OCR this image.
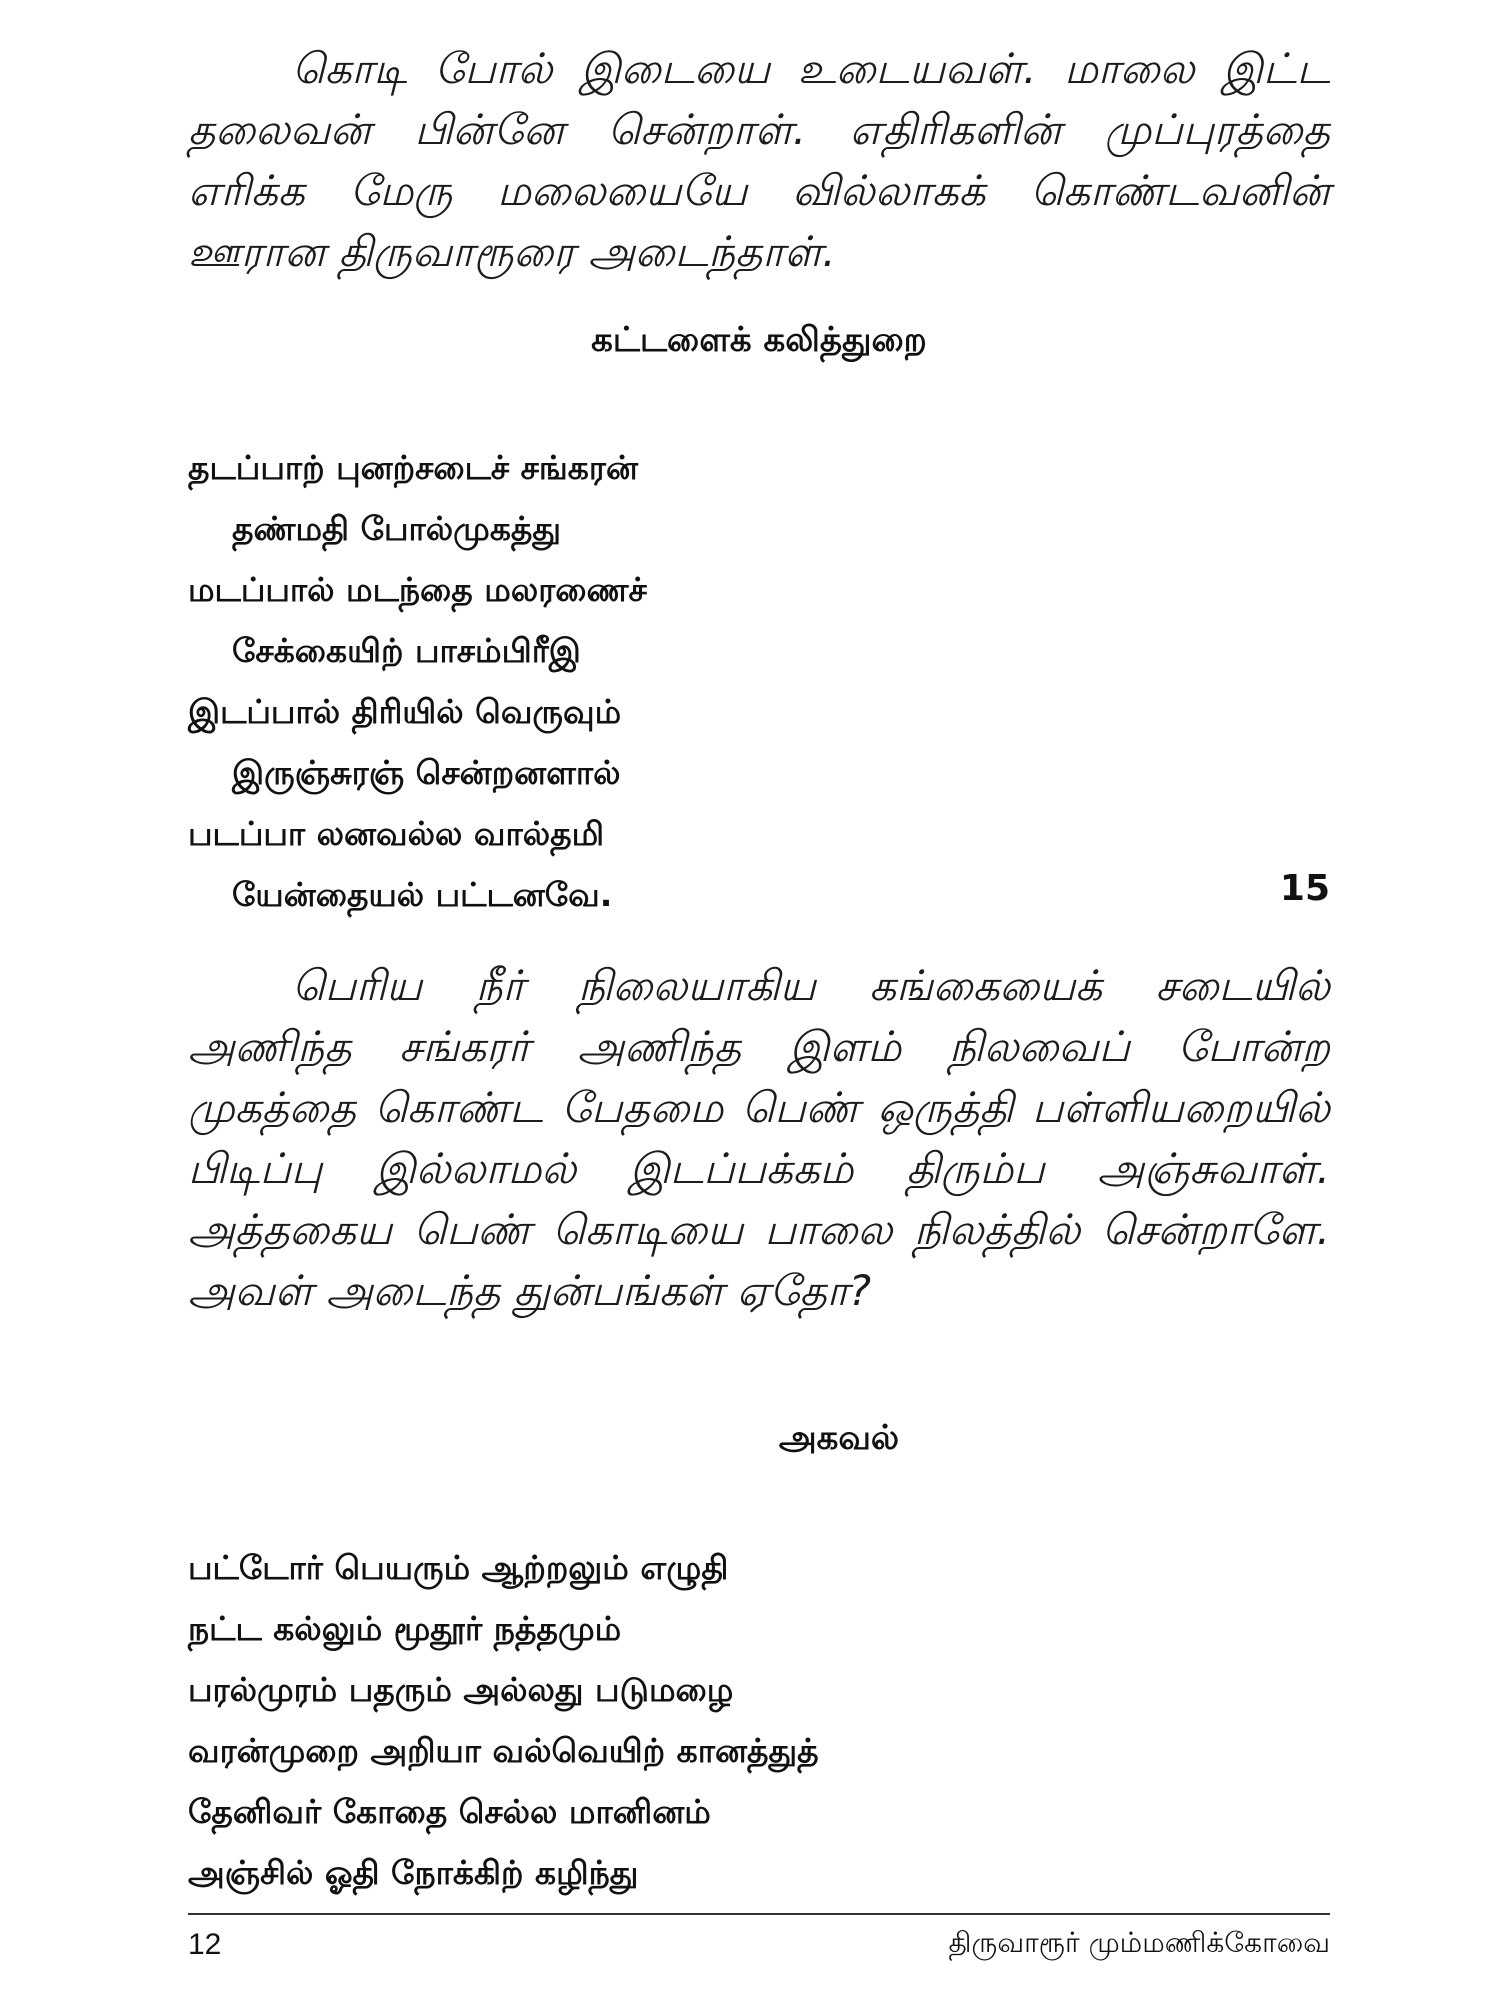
கொடி போல் இடையை உடையவள். மாலை இட்ட தலைவன் பின்னே சென்றாள். எதிரிகளின் முப்புரத்தை எரிக்க மேரு மலையையே வில்லாகக் கொண்டவனின் ஊரான திருவாரூரை அடைந்தாள்.

கட்டளைக் கலித்துறை
தடப்பாற் புனற்சடைச் சங்கரன்
தண்மதி போல்முகத்து
மடப்பால் மடந்தை மலரணைச்
சேக்கையிற் பாசம்பிரீஇ
இடப்பால் திரியில் வெருவும்
இருஞ்சுரஞ் சென்றனளால்
படப்பா லனவல்ல வால்தமி
யேன்தையல் பட்டனவே.	15

பெரிய நீர் நிலையாகிய கங்கையைக் சடையில் அணிந்த சங்கரர் அணிந்த இளம் நிலவைப் போன்ற முகத்தை கொண்ட பேதமை பெண் ஒருத்தி பள்ளியறையில் பிடிப்பு இல்லாமல் இடப்பக்கம் திரும்ப அஞ்சுவாள். அத்தகைய பெண் கொடியை பாலை நிலத்தில் சென்றாளே. அவள் அடைந்த துன்பங்கள் ஏதோ?

அகவல்
பட்டோர் பெயரும் ஆற்றலும் எழுதி
நட்ட கல்லும் மூதூர் நத்தமும்
பரல்முரம் பதரும் அல்லது படுமழை
வரன்முறை அறியா வல்வெயிற் கானத்துத்
தேனிவர் கோதை செல்ல மானினம்
அஞ்சில் ஓதி நோக்கிற் கழிந்து
12	திருவாரூர் மும்மணிக்கோவை
